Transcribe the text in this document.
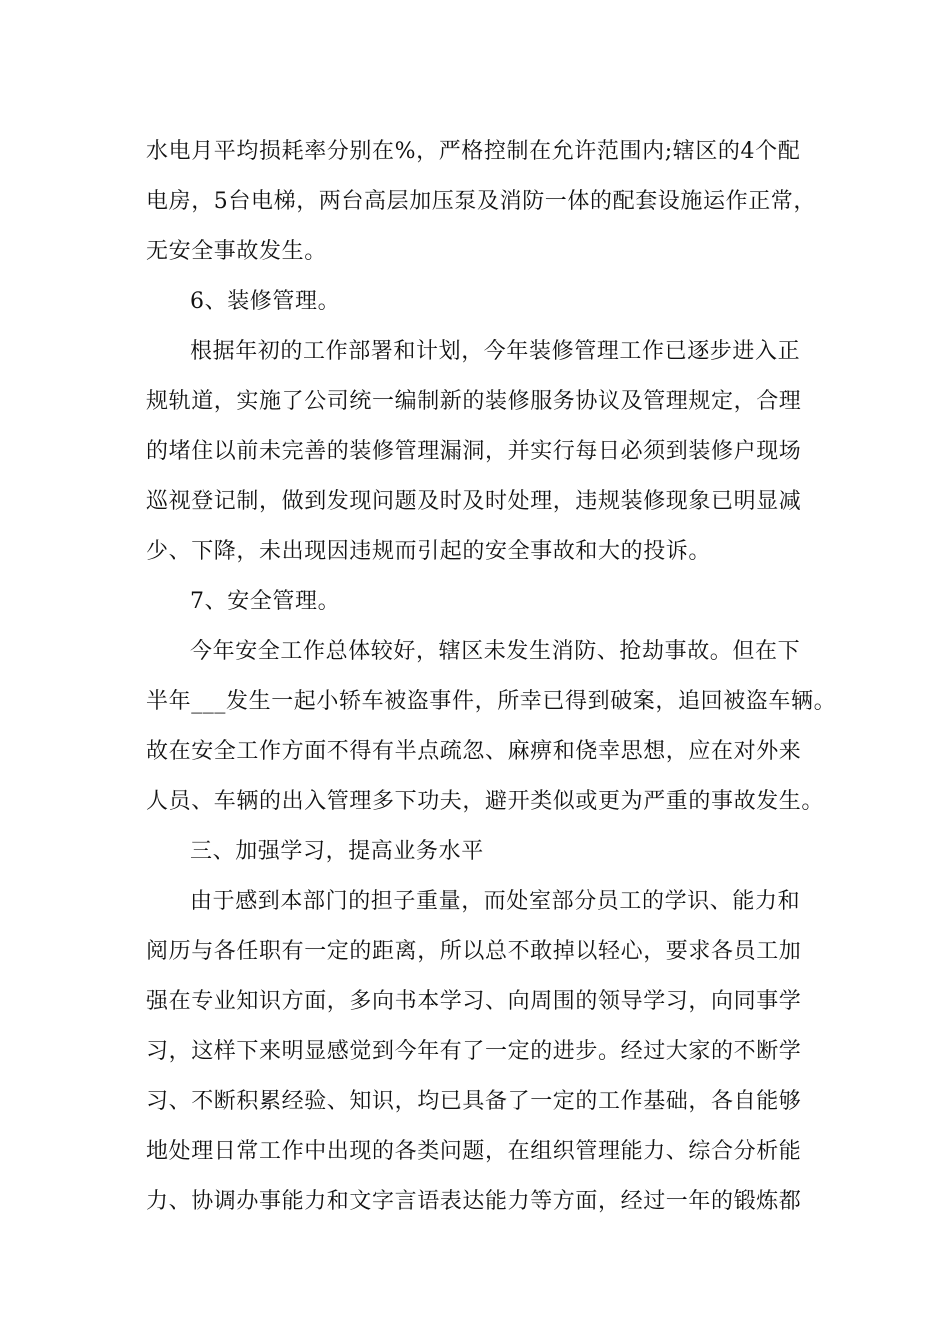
水电月平均损耗率分别在%，严格控制在允许范围内;辖区的4个配
电房，5台电梯，两台高层加压泵及消防一体的配套设施运作正常，
无安全事故发生。
6、装修管理。
根据年初的工作部署和计划，今年装修管理工作已逐步进入正
规轨道，实施了公司统一编制新的装修服务协议及管理规定，合理
的堵住以前未完善的装修管理漏洞，并实行每日必须到装修户现场
巡视登记制，做到发现问题及时及时处理，违规装修现象已明显减
少、下降，未出现因违规而引起的安全事故和大的投诉。
7、安全管理。
今年安全工作总体较好，辖区未发生消防、抢劫事故。但在下
半年___发生一起小轿车被盗事件，所幸已得到破案，追回被盗车辆。
故在安全工作方面不得有半点疏忽、麻痹和侥幸思想，应在对外来
人员、车辆的出入管理多下功夫，避开类似或更为严重的事故发生。
三、加强学习，提高业务水平
由于感到本部门的担子重量，而处室部分员工的学识、能力和
阅历与各任职有一定的距离，所以总不敢掉以轻心，要求各员工加
强在专业知识方面，多向书本学习、向周围的领导学习，向同事学
习，这样下来明显感觉到今年有了一定的进步。经过大家的不断学
习、不断积累经验、知识，均已具备了一定的工作基础，各自能够
地处理日常工作中出现的各类问题，在组织管理能力、综合分析能
力、协调办事能力和文字言语表达能力等方面，经过一年的锻炼都
